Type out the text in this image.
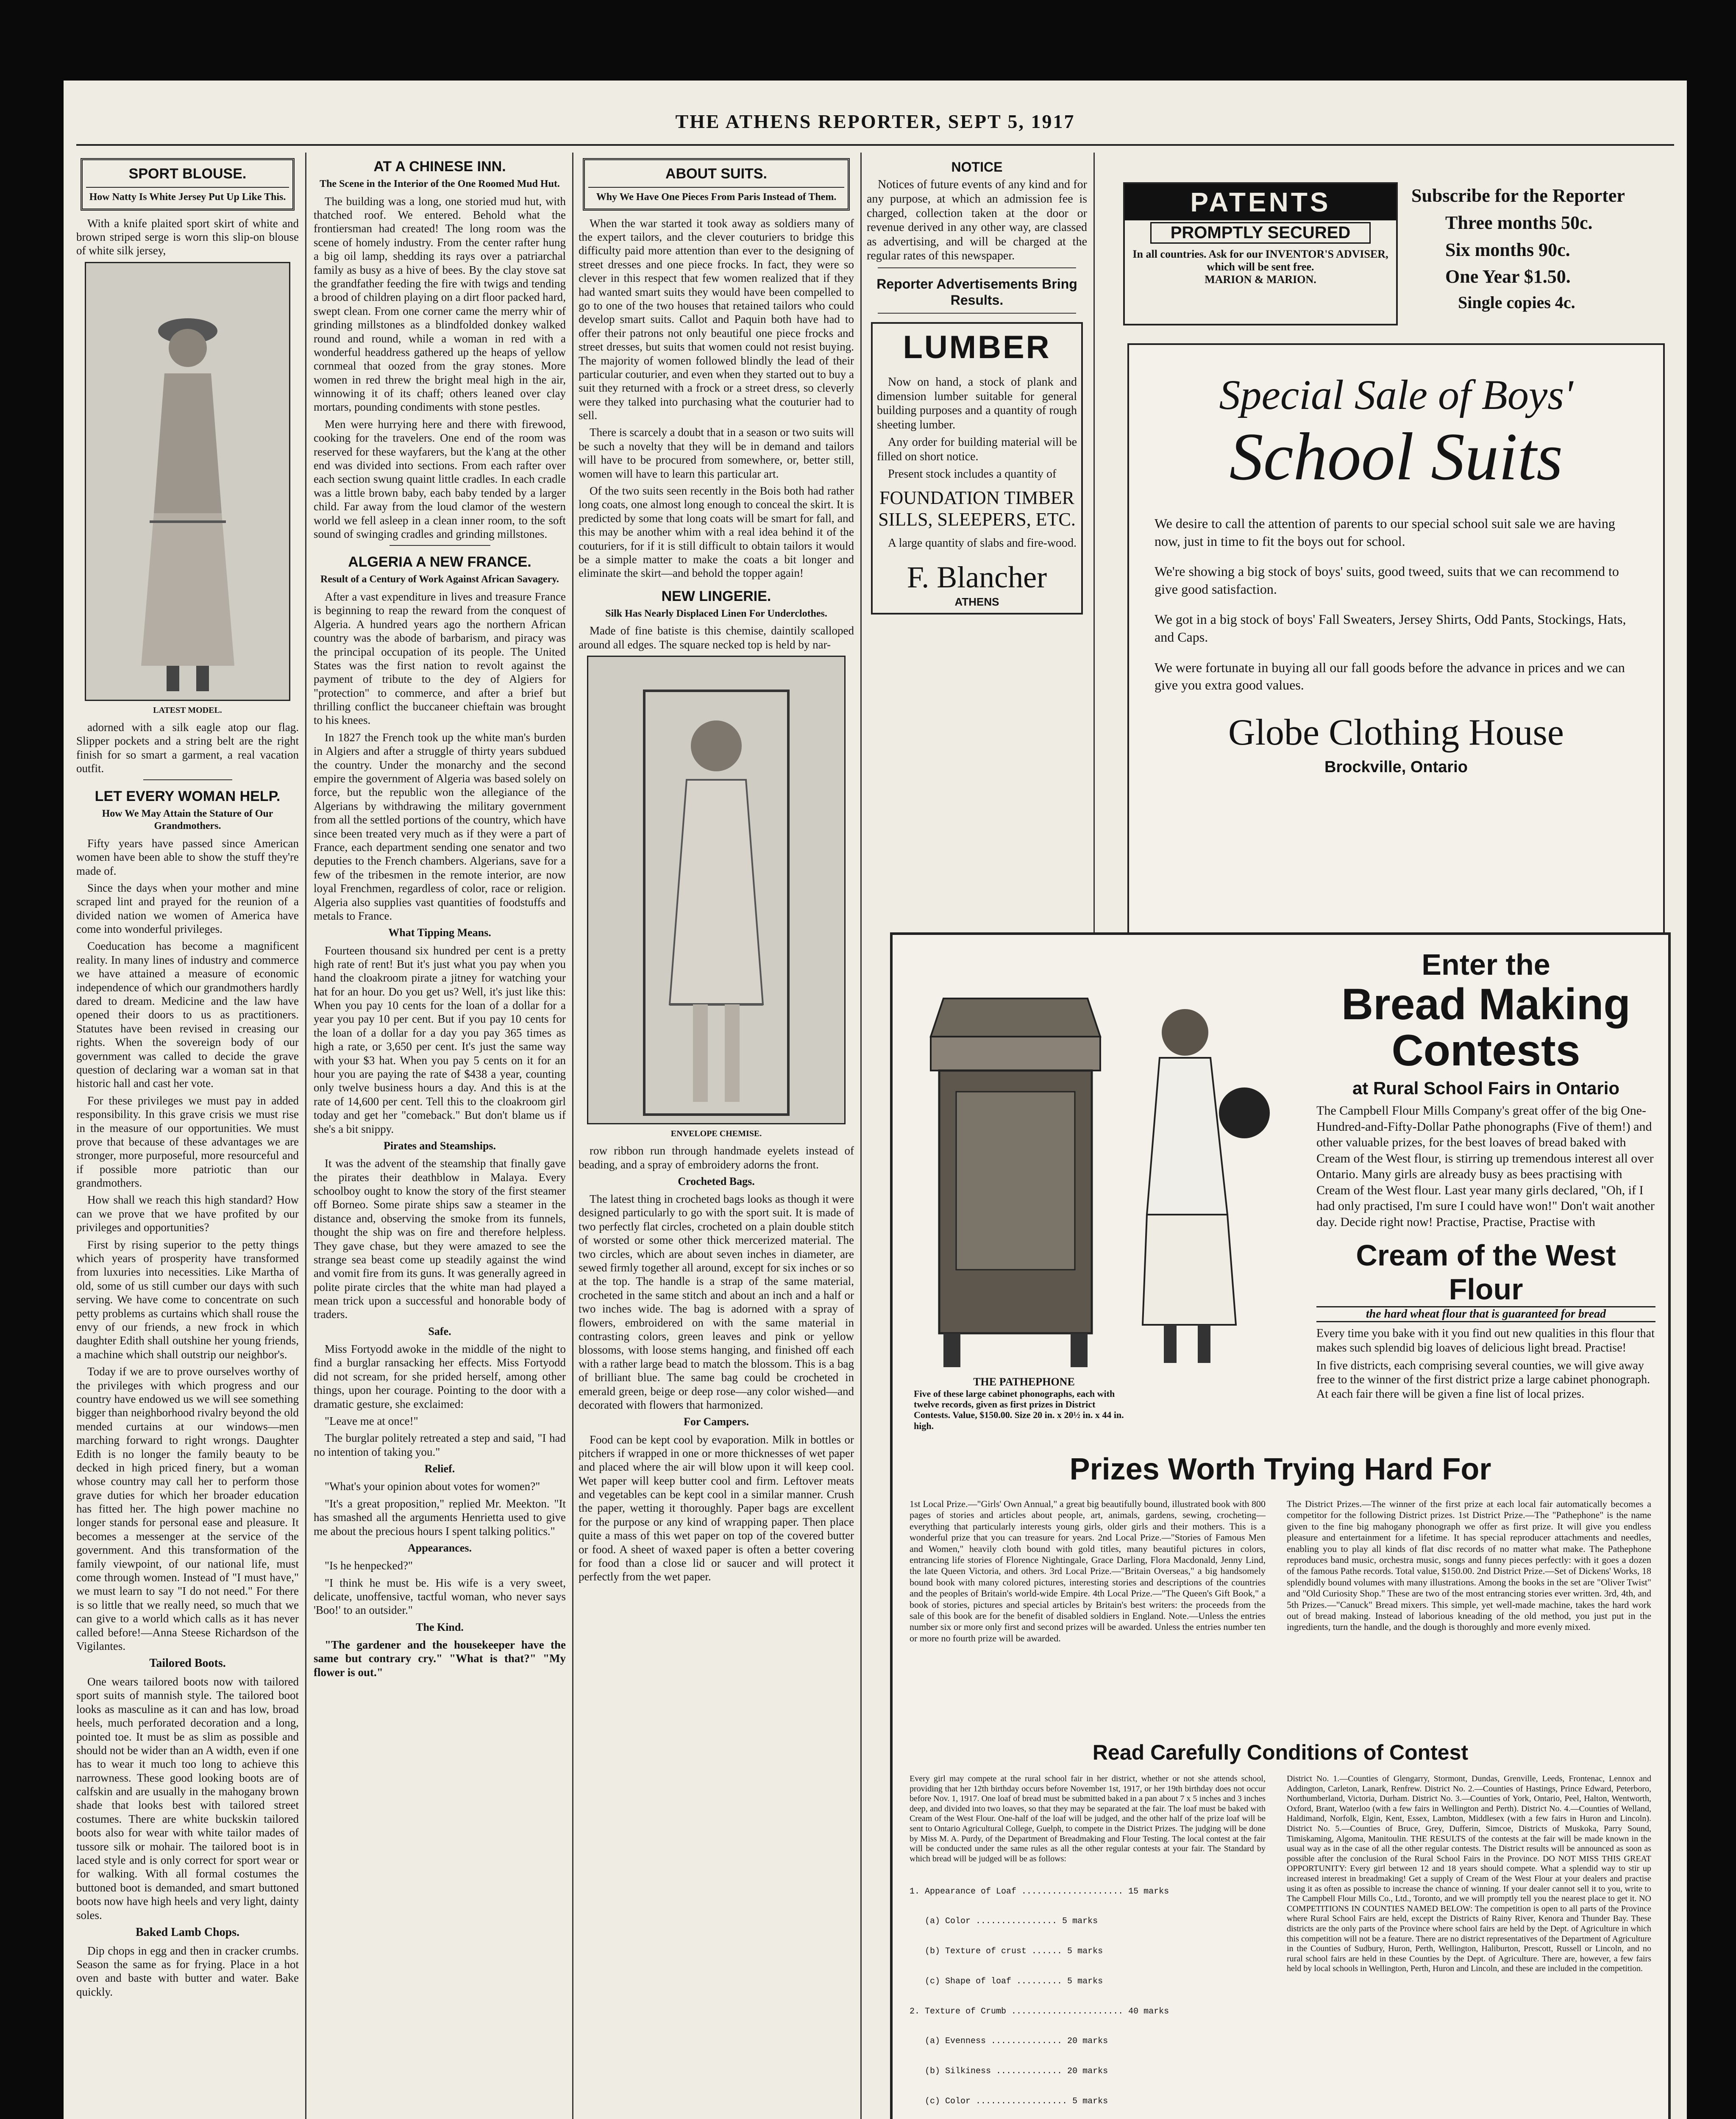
THE ATHENS REPORTER, SEPT 5, 1917
SPORT BLOUSE.
How Natty Is White Jersey Put Up Like This.

With a knife plaited sport skirt of white and brown striped serge is worn this slip-on blouse of white silk jersey,

LATEST MODEL.

adorned with a silk eagle atop our flag. Slipper pockets and a string belt are the right finish for so smart a garment, a real vacation outfit.

LET EVERY WOMAN HELP.
How We May Attain the Stature of Our Grandmothers.

Fifty years have passed since American women have been able to show the stuff they're made of.

Since the days when your mother and mine scraped lint and prayed for the reunion of a divided nation we women of America have come into wonderful privileges.

Coeducation has become a magnificent reality. In many lines of industry and commerce we have attained a measure of economic independence of which our grandmothers hardly dared to dream. Medicine and the law have opened their doors to us as practitioners. Statutes have been revised in creasing our rights. When the sovereign body of our government was called to decide the grave question of declaring war a woman sat in that historic hall and cast her vote.

For these privileges we must pay in added responsibility. In this grave crisis we must rise in the measure of our opportunities. We must prove that because of these advantages we are stronger, more purposeful, more resourceful and if possible more patriotic than our grandmothers.

How shall we reach this high standard? How can we prove that we have profited by our privileges and opportunities?

First by rising superior to the petty things which years of prosperity have transformed from luxuries into necessities. Like Martha of old, some of us still cumber our days with such serving. We have come to concentrate on such petty problems as curtains which shall rouse the envy of our friends, a new frock in which daughter Edith shall outshine her young friends, a machine which shall outstrip our neighbor's.

Today if we are to prove ourselves worthy of the privileges with which progress and our country have endowed us we will see something bigger than neighborhood rivalry beyond the old mended curtains at our windows—men marching forward to right wrongs. Daughter Edith is no longer the family beauty to be decked in high priced finery, but a woman whose country may call her to perform those grave duties for which her broader education has fitted her. The high power machine no longer stands for personal ease and pleasure. It becomes a messenger at the service of the government. And this transformation of the family viewpoint, of our national life, must come through women. Instead of "I must have," we must learn to say "I do not need." For there is so little that we really need, so much that we can give to a world which calls as it has never called before!—Anna Steese Richardson of the Vigilantes.

Tailored Boots.

One wears tailored boots now with tailored sport suits of mannish style. The tailored boot looks as masculine as it can and has low, broad heels, much perforated decoration and a long, pointed toe. It must be as slim as possible and should not be wider than an A width, even if one has to wear it much too long to achieve this narrowness. These good looking boots are of calfskin and are usually in the mahogany brown shade that looks best with tailored street costumes. There are white buckskin tailored boots also for wear with white tailor mades of tussore silk or mohair. The tailored boot is in laced style and is only correct for sport wear or for walking. With all formal costumes the buttoned boot is demanded, and smart buttoned boots now have high heels and very light, dainty soles.

Baked Lamb Chops.

Dip chops in egg and then in cracker crumbs. Season the same as for frying. Place in a hot oven and baste with butter and water. Bake quickly.

AT A CHINESE INN.
The Scene in the Interior of the One Roomed Mud Hut.

The building was a long, one storied mud hut, with thatched roof. We entered. Behold what the frontiersman had created! The long room was the scene of homely industry. From the center rafter hung a big oil lamp, shedding its rays over a patriarchal family as busy as a hive of bees. By the clay stove sat the grandfather feeding the fire with twigs and tending a brood of children playing on a dirt floor packed hard, swept clean. From one corner came the merry whir of grinding millstones as a blindfolded donkey walked round and round, while a woman in red with a wonderful headdress gathered up the heaps of yellow cornmeal that oozed from the gray stones. More women in red threw the bright meal high in the air, winnowing it of its chaff; others leaned over clay mortars, pounding condiments with stone pestles.

Men were hurrying here and there with firewood, cooking for the travelers. One end of the room was reserved for these wayfarers, but the k'ang at the other end was divided into sections. From each rafter over each section swung quaint little cradles. In each cradle was a little brown baby, each baby tended by a larger child. Far away from the loud clamor of the western world we fell asleep in a clean inner room, to the soft sound of swinging cradles and grinding millstones.

ALGERIA A NEW FRANCE.
Result of a Century of Work Against African Savagery.

After a vast expenditure in lives and treasure France is beginning to reap the reward from the conquest of Algeria. A hundred years ago the northern African country was the abode of barbarism, and piracy was the principal occupation of its people. The United States was the first nation to revolt against the payment of tribute to the dey of Algiers for "protection" to commerce, and after a brief but thrilling conflict the buccaneer chieftain was brought to his knees.

In 1827 the French took up the white man's burden in Algiers and after a struggle of thirty years subdued the country. Under the monarchy and the second empire the government of Algeria was based solely on force, but the republic won the allegiance of the Algerians by withdrawing the military government from all the settled portions of the country, which have since been treated very much as if they were a part of France, each department sending one senator and two deputies to the French chambers. Algerians, save for a few of the tribesmen in the remote interior, are now loyal Frenchmen, regardless of color, race or religion. Algeria also supplies vast quantities of foodstuffs and metals to France.

What Tipping Means.

Fourteen thousand six hundred per cent is a pretty high rate of rent! But it's just what you pay when you hand the cloakroom pirate a jitney for watching your hat for an hour. Do you get us? Well, it's just like this: When you pay 10 cents for the loan of a dollar for a year you pay 10 per cent. But if you pay 10 cents for the loan of a dollar for a day you pay 365 times as high a rate, or 3,650 per cent. It's just the same way with your $3 hat. When you pay 5 cents on it for an hour you are paying the rate of $438 a year, counting only twelve business hours a day. And this is at the rate of 14,600 per cent. Tell this to the cloakroom girl today and get her "comeback." But don't blame us if she's a bit snippy.

Pirates and Steamships.

It was the advent of the steamship that finally gave the pirates their deathblow in Malaya. Every schoolboy ought to know the story of the first steamer off Borneo. Some pirate ships saw a steamer in the distance and, observing the smoke from its funnels, thought the ship was on fire and therefore helpless. They gave chase, but they were amazed to see the strange sea beast come up steadily against the wind and vomit fire from its guns. It was generally agreed in polite pirate circles that the white man had played a mean trick upon a successful and honorable body of traders.

Safe.

Miss Fortyodd awoke in the middle of the night to find a burglar ransacking her effects. Miss Fortyodd did not scream, for she prided herself, among other things, upon her courage. Pointing to the door with a dramatic gesture, she exclaimed:

"Leave me at once!"

The burglar politely retreated a step and said, "I had no intention of taking you."

Relief.

"What's your opinion about votes for women?"

"It's a great proposition," replied Mr. Meekton. "It has smashed all the arguments Henrietta used to give me about the precious hours I spent talking politics."

Appearances.

"Is he henpecked?"

"I think he must be. His wife is a very sweet, delicate, unoffensive, tactful woman, who never says 'Boo!' to an outsider."

The Kind.

"The gardener and the housekeeper have the same but contrary cry." "What is that?" "My flower is out."

ABOUT SUITS.
Why We Have One Pieces From Paris Instead of Them.

When the war started it took away as soldiers many of the expert tailors, and the clever couturiers to bridge this difficulty paid more attention than ever to the designing of street dresses and one piece frocks. In fact, they were so clever in this respect that few women realized that if they had wanted smart suits they would have been compelled to go to one of the two houses that retained tailors who could develop smart suits. Callot and Paquin both have had to offer their patrons not only beautiful one piece frocks and street dresses, but suits that women could not resist buying. The majority of women followed blindly the lead of their particular couturier, and even when they started out to buy a suit they returned with a frock or a street dress, so cleverly were they talked into purchasing what the couturier had to sell.

There is scarcely a doubt that in a season or two suits will be such a novelty that they will be in demand and tailors will have to be procured from somewhere, or, better still, women will have to learn this particular art.

Of the two suits seen recently in the Bois both had rather long coats, one almost long enough to conceal the skirt. It is predicted by some that long coats will be smart for fall, and this may be another whim with a real idea behind it of the couturiers, for if it is still difficult to obtain tailors it would be a simple matter to make the coats a bit longer and eliminate the skirt—and behold the topper again!

NEW LINGERIE.
Silk Has Nearly Displaced Linen For Underclothes.

Made of fine batiste is this chemise, daintily scalloped around all edges. The square necked top is held by nar-

ENVELOPE CHEMISE.

row ribbon run through handmade eyelets instead of beading, and a spray of embroidery adorns the front.

Crocheted Bags.

The latest thing in crocheted bags looks as though it were designed particularly to go with the sport suit. It is made of two perfectly flat circles, crocheted on a plain double stitch of worsted or some other thick mercerized material. The two circles, which are about seven inches in diameter, are sewed firmly together all around, except for six inches or so at the top. The handle is a strap of the same material, crocheted in the same stitch and about an inch and a half or two inches wide. The bag is adorned with a spray of flowers, embroidered on with the same material in contrasting colors, green leaves and pink or yellow blossoms, with loose stems hanging, and finished off each with a rather large bead to match the blossom. This is a bag of brilliant blue. The same bag could be crocheted in emerald green, beige or deep rose—any color wished—and decorated with flowers that harmonized.

For Campers.

Food can be kept cool by evaporation. Milk in bottles or pitchers if wrapped in one or more thicknesses of wet paper and placed where the air will blow upon it will keep cool. Wet paper will keep butter cool and firm. Leftover meats and vegetables can be kept cool in a similar manner. Crush the paper, wetting it thoroughly. Paper bags are excellent for the purpose or any kind of wrapping paper. Then place quite a mass of this wet paper on top of the covered butter or food. A sheet of waxed paper is often a better covering for food than a close lid or saucer and will protect it perfectly from the wet paper.

NOTICE

Notices of future events of any kind and for any purpose, at which an admission fee is charged, collection taken at the door or revenue derived in any other way, are classed as advertising, and will be charged at the regular rates of this newspaper.

Reporter Advertisements Bring Results.
LUMBER

Now on hand, a stock of plank and dimension lumber suitable for general building purposes and a quantity of rough sheeting lumber.

Any order for building material will be filled on short notice.

Present stock includes a quantity of

FOUNDATION TIMBER SILLS, SLEEPERS, ETC.

A large quantity of slabs and fire-wood.

F. Blancher
ATHENS
PATENTS
PROMPTLY SECURED
In all countries. Ask for our INVENTOR'S ADVISER, which will be sent free.
MARION & MARION.
Subscribe for the Reporter
Three months 50c.
Six months 90c.
One Year $1.50.
Single copies 4c.
Special Sale of Boys'
School Suits

We desire to call the attention of parents to our special school suit sale we are having now, just in time to fit the boys out for school.

We're showing a big stock of boys' suits, good tweed, suits that we can recommend to give good satisfaction.

We got in a big stock of boys' Fall Sweaters, Jersey Shirts, Odd Pants, Stockings, Hats, and Caps.

We were fortunate in buying all our fall goods before the advance in prices and we can give you extra good values.

Globe Clothing House
Brockville, Ontario
THE PATHEPHONE
Five of these large cabinet phonographs, each with twelve records, given as first prizes in District Contests. Value, $150.00. Size 20 in. x 20½ in. x 44 in. high.
Enter the
Bread Making
Contests
at Rural School Fairs in Ontario
The Campbell Flour Mills Company's great offer of the big One-Hundred-and-Fifty-Dollar Pathe phonographs (Five of them!) and other valuable prizes, for the best loaves of bread baked with Cream of the West flour, is stirring up tremendous interest all over Ontario. Many girls are already busy as bees practising with Cream of the West flour. Last year many girls declared, "Oh, if I had only practised, I'm sure I could have won!" Don't wait another day. Decide right now! Practise, Practise, Practise with
Cream of the West Flour
the hard wheat flour that is guaranteed for bread
Every time you bake with it you find out new qualities in this flour that makes such splendid big loaves of delicious light bread. Practise!
In five districts, each comprising several counties, we will give away free to the winner of the first district prize a large cabinet phonograph. At each fair there will be given a fine list of local prizes.
Prizes Worth Trying Hard For
1st Local Prize.—"Girls' Own Annual," a great big beautifully bound, illustrated book with 800 pages of stories and articles about people, art, animals, gardens, sewing, crocheting—everything that particularly interests young girls, older girls and their mothers. This is a wonderful prize that you can treasure for years. 2nd Local Prize.—"Stories of Famous Men and Women," heavily cloth bound with gold titles, many beautiful pictures in colors, entrancing life stories of Florence Nightingale, Grace Darling, Flora Macdonald, Jenny Lind, the late Queen Victoria, and others. 3rd Local Prize.—"Britain Overseas," a big handsomely bound book with many colored pictures, interesting stories and descriptions of the countries and the peoples of Britain's world-wide Empire. 4th Local Prize.—"The Queen's Gift Book," a book of stories, pictures and special articles by Britain's best writers: the proceeds from the sale of this book are for the benefit of disabled soldiers in England. Note.—Unless the entries number six or more only first and second prizes will be awarded. Unless the entries number ten or more no fourth prize will be awarded.
The District Prizes.—The winner of the first prize at each local fair automatically becomes a competitor for the following District prizes. 1st District Prize.—The "Pathephone" is the name given to the fine big mahogany phonograph we offer as first prize. It will give you endless pleasure and entertainment for a lifetime. It has special reproducer attachments and needles, enabling you to play all kinds of flat disc records of no matter what make. The Pathephone reproduces band music, orchestra music, songs and funny pieces perfectly: with it goes a dozen of the famous Pathe records. Total value, $150.00. 2nd District Prize.—Set of Dickens' Works, 18 splendidly bound volumes with many illustrations. Among the books in the set are "Oliver Twist" and "Old Curiosity Shop." These are two of the most entrancing stories ever written. 3rd, 4th, and 5th Prizes.—"Canuck" Bread mixers. This simple, yet well-made machine, takes the hard work out of bread making. Instead of laborious kneading of the old method, you just put in the ingredients, turn the handle, and the dough is thoroughly and more evenly mixed.
Read Carefully Conditions of Contest
Every girl may compete at the rural school fair in her district, whether or not she attends school, providing that her 12th birthday occurs before November 1st, 1917, or her 19th birthday does not occur before Nov. 1, 1917. One loaf of bread must be submitted baked in a pan about 7 x 5 inches and 3 inches deep, and divided into two loaves, so that they may be separated at the fair. The loaf must be baked with Cream of the West Flour. One-half of the loaf will be judged, and the other half of the prize loaf will be sent to Ontario Agricultural College, Guelph, to compete in the District Prizes. The judging will be done by Miss M. A. Purdy, of the Department of Breadmaking and Flour Testing. The local contest at the fair will be conducted under the same rules as all the other regular contests at your fair. The Standard by which bread will be judged will be as follows:

1. Appearance of Loaf .................... 15 marks

(a) Color ................ 5 marks

(b) Texture of crust ...... 5 marks

(c) Shape of loaf ......... 5 marks

2. Texture of Crumb ...................... 40 marks

(a) Evenness .............. 20 marks

(b) Silkiness ............. 20 marks

(c) Color .................. 5 marks

District No. 1.—Counties of Glengarry, Stormont, Dundas, Grenville, Leeds, Frontenac, Lennox and Addington, Carleton, Lanark, Renfrew. District No. 2.—Counties of Hastings, Prince Edward, Peterboro, Northumberland, Victoria, Durham. District No. 3.—Counties of York, Ontario, Peel, Halton, Wentworth, Oxford, Brant, Waterloo (with a few fairs in Wellington and Perth). District No. 4.—Counties of Welland, Haldimand, Norfolk, Elgin, Kent, Essex, Lambton, Middlesex (with a few fairs in Huron and Lincoln). District No. 5.—Counties of Bruce, Grey, Dufferin, Simcoe, Districts of Muskoka, Parry Sound, Timiskaming, Algoma, Manitoulin. THE RESULTS of the contests at the fair will be made known in the usual way as in the case of all the other regular contests. The District results will be announced as soon as possible after the conclusion of the Rural School Fairs in the Province. DO NOT MISS THIS GREAT OPPORTUNITY: Every girl between 12 and 18 years should compete. What a splendid way to stir up increased interest in breadmaking! Get a supply of Cream of the West Flour at your dealers and practise using it as often as possible to increase the chance of winning. If your dealer cannot sell it to you, write to The Campbell Flour Mills Co., Ltd., Toronto, and we will promptly tell you the nearest place to get it. NO COMPETITIONS IN COUNTIES NAMED BELOW: The competition is open to all parts of the Province where Rural School Fairs are held, except the Districts of Rainy River, Kenora and Thunder Bay. These districts are the only parts of the Province where school fairs are held by the Dept. of Agriculture in which this competition will not be a feature. There are no district representatives of the Department of Agriculture in the Counties of Sudbury, Huron, Perth, Wellington, Haliburton, Prescott, Russell or Lincoln, and no rural school fairs are held in these Counties by the Dept. of Agriculture. There are, however, a few fairs held by local schools in Wellington, Perth, Huron and Lincoln, and these are included in the competition.
